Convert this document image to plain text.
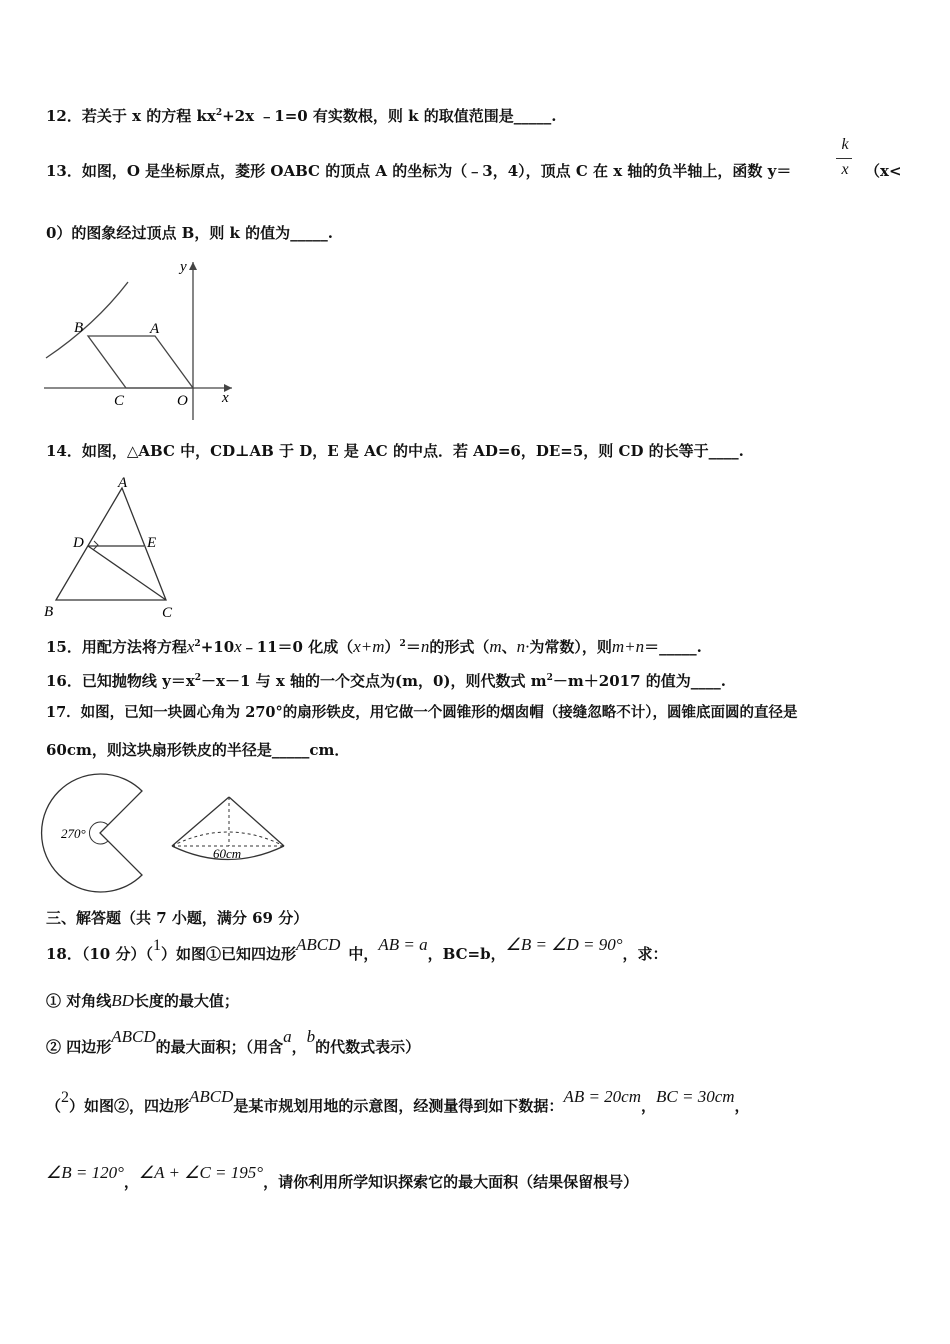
12．若关于 x 的方程 $kx^2+2x$ ﹣1=0 有实数根，则 k 的取值范围是_____.
13．如图，O 是坐标原点，菱形 OABC 的顶点 A 的坐标为（﹣3，4），顶点 C 在 x 轴的负半轴上，函数 y＝
k
x	（x<
0）的图象经过顶点 B，则 k 的值为_____.
B	A
C	O x
y
14．如图，△ABC 中，CD⊥AB 于 D，E 是 AC 的中点．若 AD=6，DE=5，则 CD 的长等于____.
A
D	E
B	C
15．用配方法将方程$x^2+10x﹣11=0$ 化成$(x+m)^2=n$的形式（m、n·为常数），则m+n＝_____.
16．已知抛物线 $y=x^2-x-1$ 与 x 轴的一个交点为(m，0)，则代数式 $m^2-m+2017$ 的值为____.
17．如图，已知一块圆心角为 270°的扇形铁皮，用它做一个圆锥形的烟囱帽（接缝忽略不计），圆锥底面圆的直径是
60cm，则这块扇形铁皮的半径是_____cm．
270°
60cm
三、解答题（共 7 小题，满分 69 分）
18．（10 分）（1）如图①已知四边形ABCD 中，AB = a，BC=b，∠B = ∠D = 90°，求：
① 对角线BD长度的最大值；
② 四边形ABCD的最大面积；（用含a，b的代数式表示）
（2）如图②，四边形ABCD是某市规划用地的示意图，经测量得到如下数据：AB = 20cm，BC = 30cm，
∠B = 120°，∠A + ∠C = 195°，请你利用所学知识探索它的最大面积（结果保留根号）
